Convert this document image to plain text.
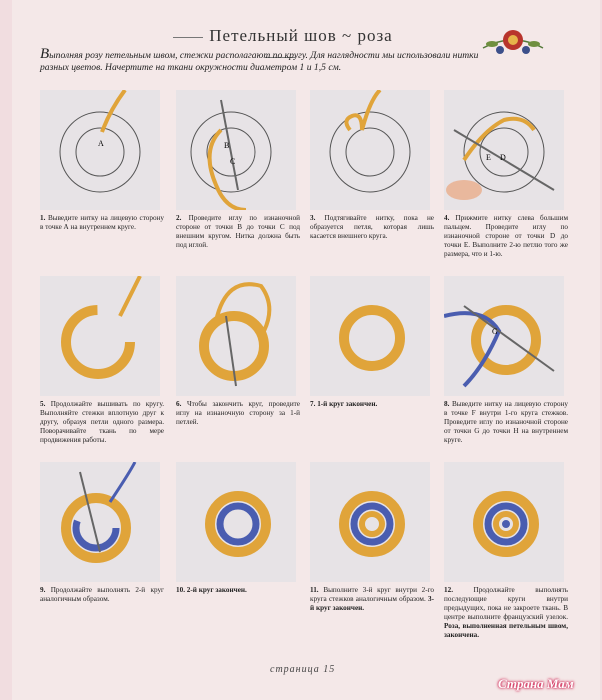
Петельный шов ~ роза
Выполняя розу петельным швом, стежки располагают по кругу. Для наглядности мы использовали нитки разных цветов. Начертите на ткани окружности диаметром 1 и 1,5 см.
A	B
C	E D
G
1. Выведите нитку на лицевую сторону в точке А на внутреннем круге.
2. Проведите иглу по изнаночной стороне от точки В до точки С под внешним кругом. Нитка должна быть под иглой.
3. Подтягивайте нитку, пока не образуется петля, которая лишь касается внешнего круга.
4. Прижмите нитку слева большим пальцем. Проведите иглу по изнаночной стороне от точки D до точки Е. Выполните 2-ю петлю того же размера, что и 1-ю.
5. Продолжайте вышивать по кругу. Выполняйте стежки вплотную друг к другу, образуя петли одного размера. Поворачивайте ткань по мере продвижения работы.
6. Чтобы закончить круг, проведите иглу на изнаночную сторону за 1-й петлей.
7. 1-й круг закончен.	8. Выведите нитку на лицевую сторону в точке F внутри 1-го круга стежков. Проведите иглу по изнаночной стороне от точки G до точки Н на внутреннем круге.
9. Продолжайте выполнять 2-й круг аналогичным образом.
10. 2-й круг закончен.	11. Выполните 3-й круг внутри 2-го круга стежков аналогичным образом. 3-й круг закончен.
12.	Продолжайте выполнять последующие круги внутри предыдущих, пока не закроете ткань. В центре выполните французский узелок. Роза, выполненная петельным швом, закончена.
страница 15
Страна Мам
